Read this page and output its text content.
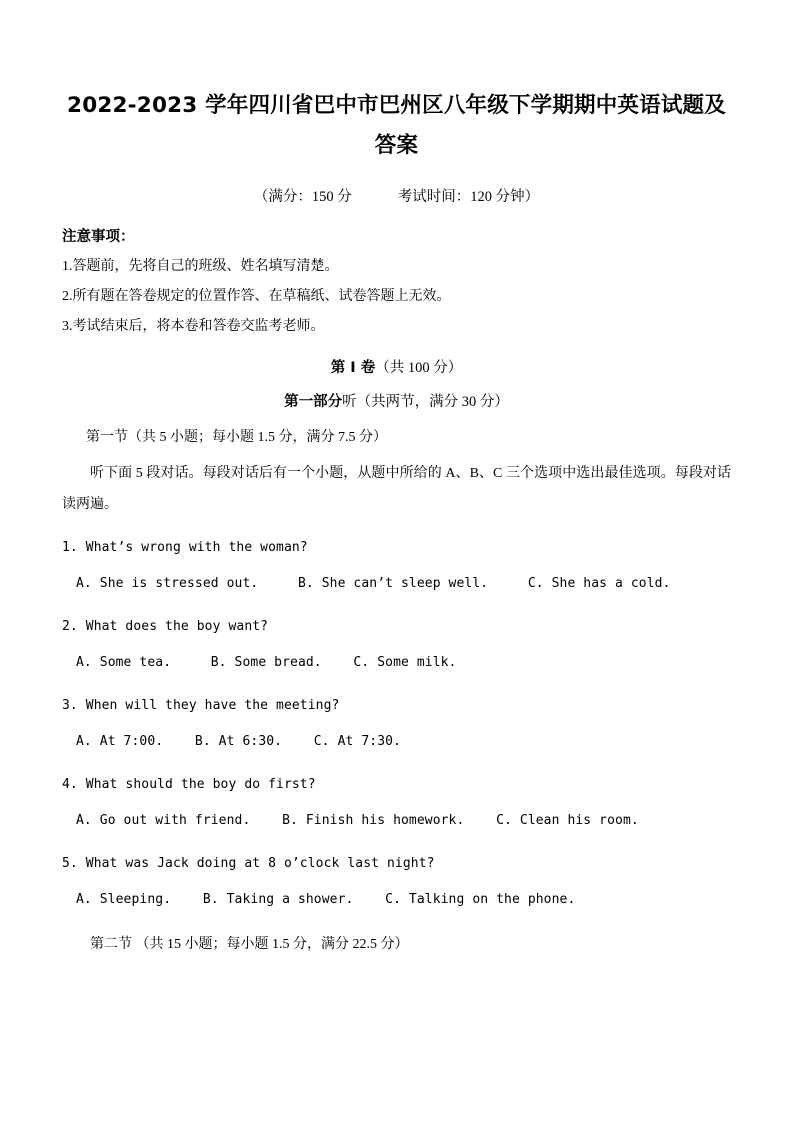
2022-2023 学年四川省巴中市巴州区八年级下学期期中英语试题及答案

（满分：150 分	考试时间：120 分钟）

注意事项：

1.答题前，先将自己的班级、姓名填写清楚。

2.所有题在答卷规定的位置作答、在草稿纸、试卷答题上无效。

3.考试结束后，将本卷和答卷交监考老师。

第 I 卷（共 100 分）

第一部分听（共两节，满分 30 分）

第一节（共 5 小题；每小题 1.5 分，满分 7.5 分）

听下面 5 段对话。每段对话后有一个小题，从题中所给的 A、B、C 三个选项中选出最佳选项。每段对话读两遍。

1. What’s wrong with the woman?

A. She is stressed out.     B. She can’t sleep well.     C. She has a cold.

2. What does the boy want?

A. Some tea.     B. Some bread.    C. Some milk.

3. When will they have the meeting?

A. At 7:00.    B. At 6:30.    C. At 7:30.

4. What should the boy do first?

A. Go out with friend.    B. Finish his homework.    C. Clean his room.

5. What was Jack doing at 8 o’clock last night?

A. Sleeping.    B. Taking a shower.    C. Talking on the phone.

第二节 （共 15 小题；每小题 1.5 分，满分 22.5 分）
